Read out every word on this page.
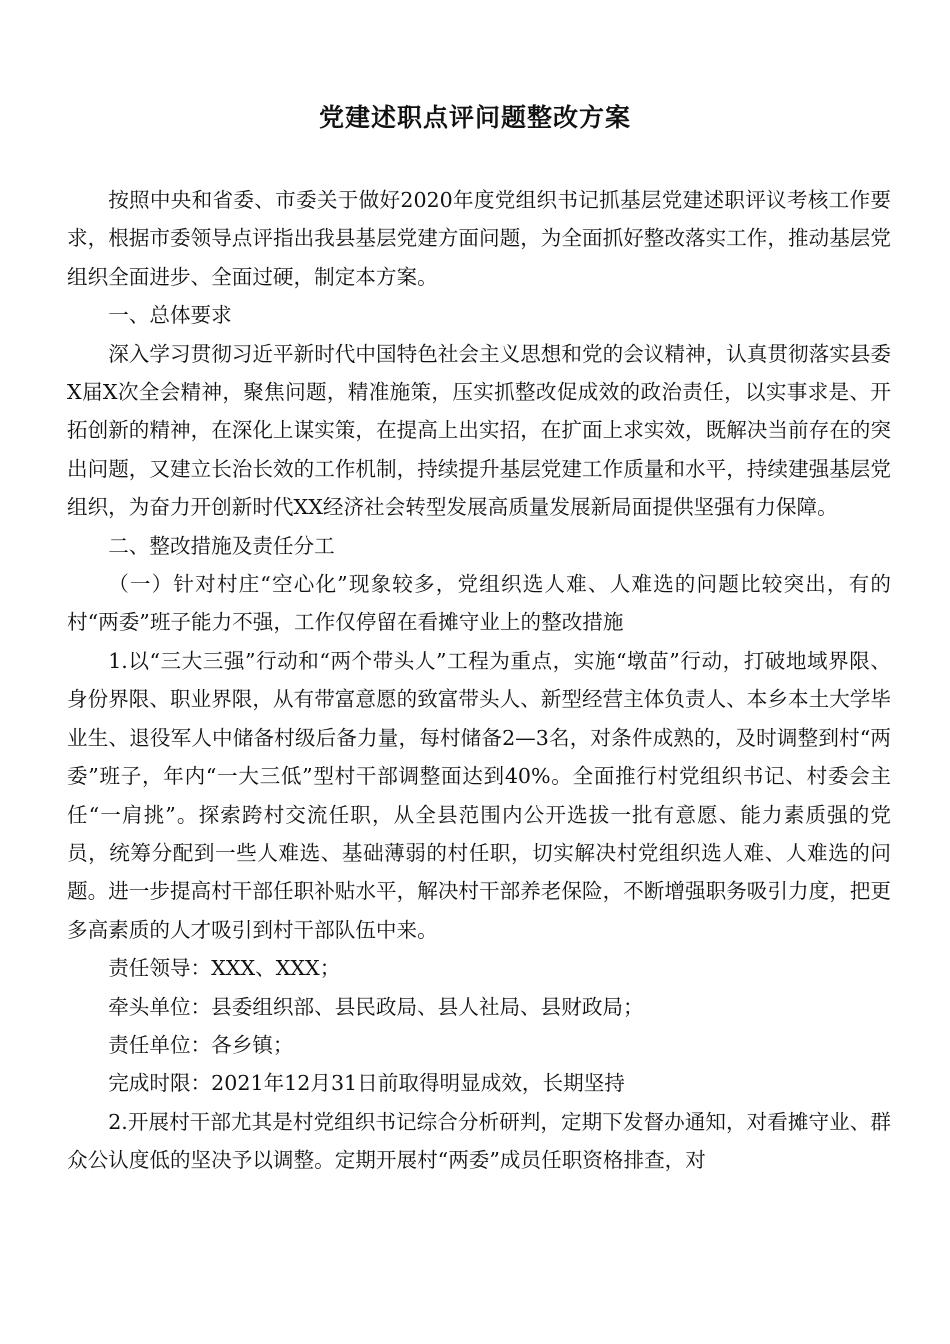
党建述职点评问题整改方案

按照中央和省委、市委关于做好2020年度党组织书记抓基层党建述职评议考核工作要求，根据市委领导点评指出我县基层党建方面问题，为全面抓好整改落实工作，推动基层党组织全面进步、全面过硬，制定本方案。

一、总体要求

深入学习贯彻习近平新时代中国特色社会主义思想和党的会议精神，认真贯彻落实县委X届X次全会精神，聚焦问题，精准施策，压实抓整改促成效的政治责任，以实事求是、开拓创新的精神，在深化上谋实策，在提高上出实招，在扩面上求实效，既解决当前存在的突出问题，又建立长治长效的工作机制，持续提升基层党建工作质量和水平，持续建强基层党组织，为奋力开创新时代XX经济社会转型发展高质量发展新局面提供坚强有力保障。

二、整改措施及责任分工

（一）针对村庄“空心化”现象较多，党组织选人难、人难选的问题比较突出，有的村“两委”班子能力不强，工作仅停留在看摊守业上的整改措施

1.以“三大三强”行动和“两个带头人”工程为重点，实施“墩苗”行动，打破地域界限、身份界限、职业界限，从有带富意愿的致富带头人、新型经营主体负责人、本乡本土大学毕业生、退役军人中储备村级后备力量，每村储备2—3名，对条件成熟的，及时调整到村“两委”班子，年内“一大三低”型村干部调整面达到40%。全面推行村党组织书记、村委会主任“一肩挑”。探索跨村交流任职，从全县范围内公开选拔一批有意愿、能力素质强的党员，统筹分配到一些人难选、基础薄弱的村任职，切实解决村党组织选人难、人难选的问题。进一步提高村干部任职补贴水平，解决村干部养老保险，不断增强职务吸引力度，把更多高素质的人才吸引到村干部队伍中来。

责任领导：XXX、XXX；

牵头单位：县委组织部、县民政局、县人社局、县财政局；

责任单位：各乡镇；

完成时限：2021年12月31日前取得明显成效，长期坚持

2.开展村干部尤其是村党组织书记综合分析研判，定期下发督办通知，对看摊守业、群众公认度低的坚决予以调整。定期开展村“两委”成员任职资格排查，对
